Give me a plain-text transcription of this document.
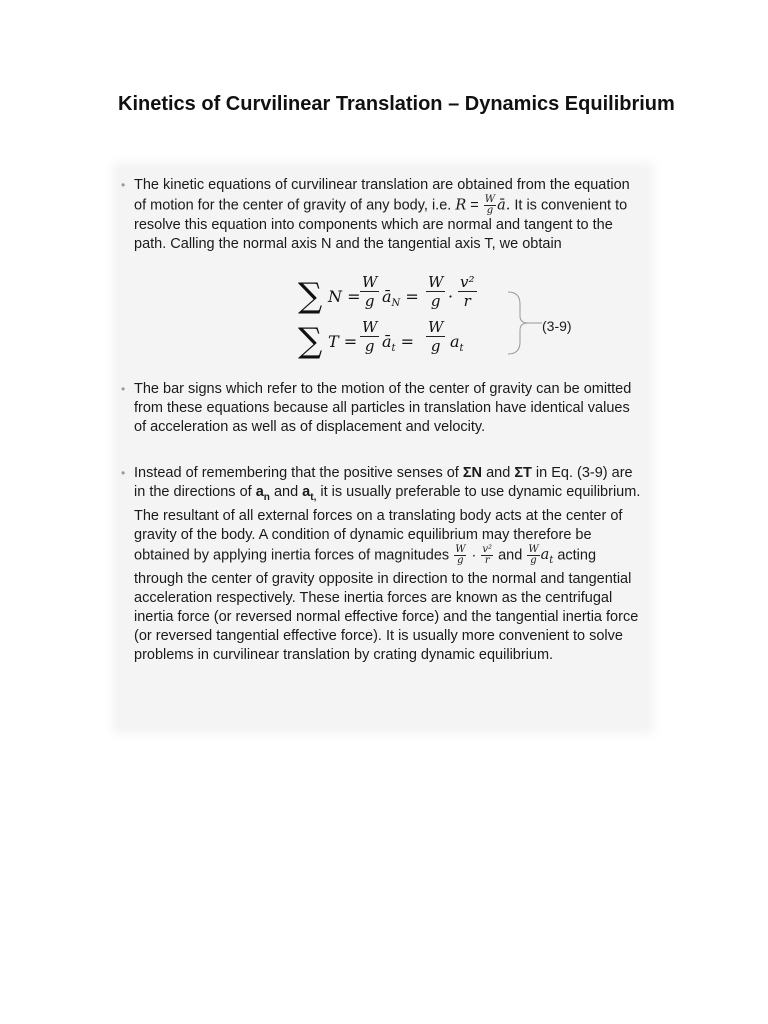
Kinetics of Curvilinear Translation – Dynamics Equilibrium
• The kinetic equations of curvilinear translation are obtained from the equation of motion for the center of gravity of any body, i.e. $R = \frac{W}{g}$ ā. It is convenient to resolve this equation into components which are normal and tangent to the path. Calling the normal axis N and the tangential axis T, we obtain
∑ $N = \frac{W}{g}$ $ā_N = \frac{W}{g} \cdot \frac{\text{v²}}{r}$
∑ $T = \frac{W}{g}$ $ā_t = \frac{W}{g} a_t$
(3-9)
• The bar signs which refer to the motion of the center of gravity can be omitted from these equations because all particles in translation have identical values of acceleration as well as of displacement and velocity.
• Instead of remembering that the positive senses of ΣN and ΣT in Eq. (3-9) are in the directions of $a_n$ and $a_{t,}$ it is usually preferable to use dynamic equilibrium. The resultant of all external forces on a translating body acts at the center of gravity of the body. A condition of dynamic equilibrium may therefore be obtained by applying inertia forces of magnitudes $\frac{W}{g} \cdot \frac{\text{v²}}{r}$ and $\frac{W}{g} a_t$ acting through the center of gravity opposite in direction to the normal and tangential acceleration respectively. These inertia forces are known as the centrifugal inertia force (or reversed normal effective force) and the tangential inertia force (or reversed tangential effective force). It is usually more convenient to solve problems in curvilinear translation by crating dynamic equilibrium.
